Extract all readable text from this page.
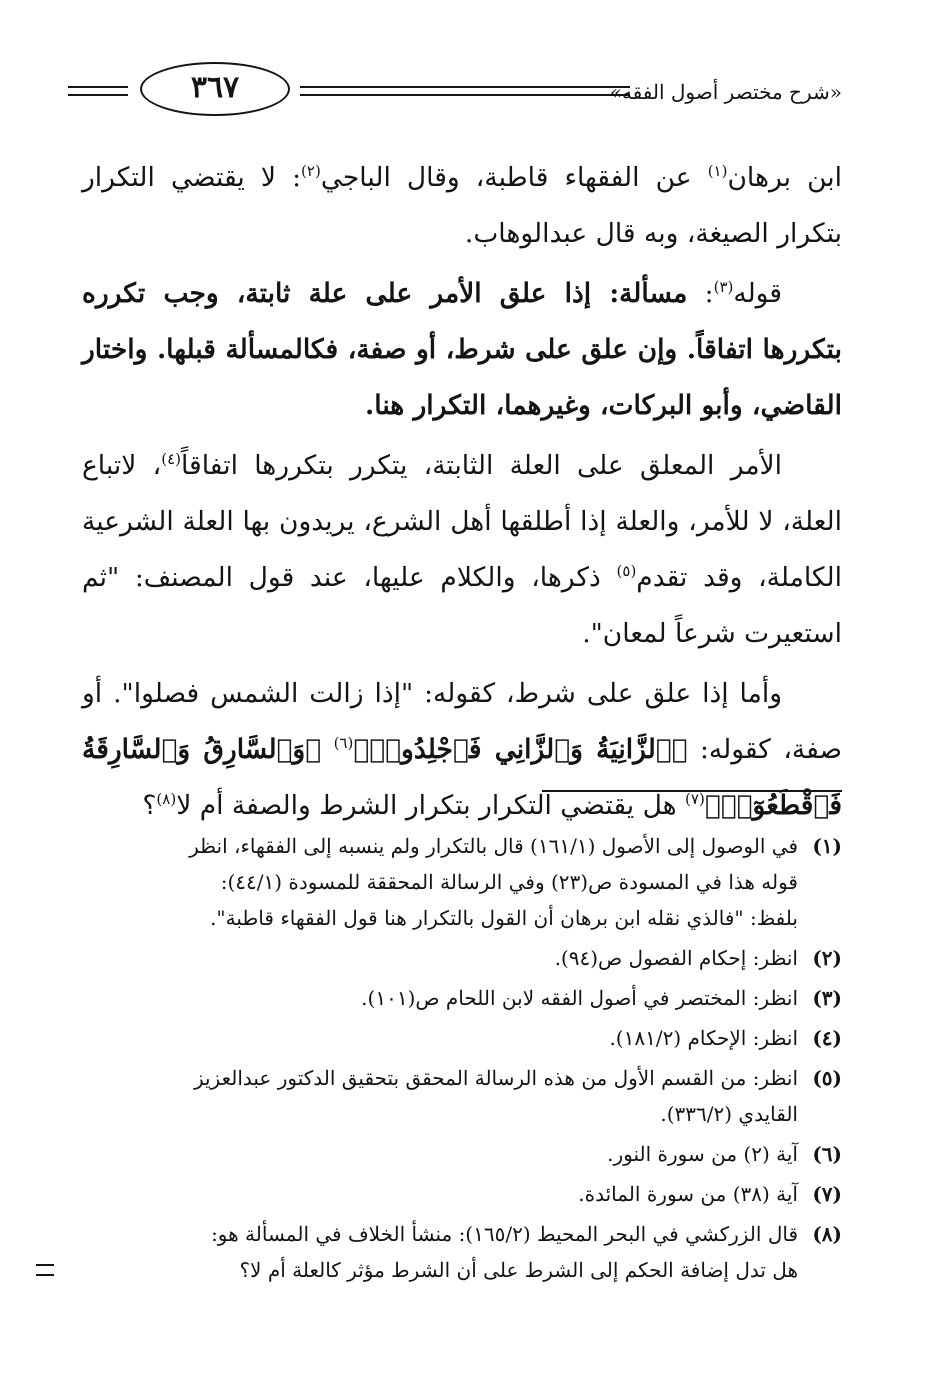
«شرح مختصر أصول الفقه»
٣٦٧

ابن برهان$^{(١)}$ عن الفقهاء قاطبة، وقال الباجي$^{(٢)}$: لا يقتضي التكرار بتكرار الصيغة، وبه قال عبدالوهاب.

قوله$^{(٣)}$: مسألة: إذا علق الأمر على علة ثابتة، وجب تكرره بتكررها اتفاقاً. وإن علق على شرط، أو صفة، فكالمسألة قبلها. واختار القاضي، وأبو البركات، وغيرهما، التكرار هنا.

الأمر المعلق على العلة الثابتة، يتكرر بتكررها اتفاقاً$^{(٤)}$، لاتباع العلة، لا للأمر، والعلة إذا أطلقها أهل الشرع، يريدون بها العلة الشرعية الكاملة، وقد تقدم$^{(٥)}$ ذكرها، والكلام عليها، عند قول المصنف: "ثم استعيرت شرعاً لمعان".

وأما إذا علق على شرط، كقوله: "إذا زالت الشمس فصلوا". أو صفة، كقوله: ﴿ٱلزَّانِيَةُ وَٱلزَّانِي فَٱجْلِدُوا۟﴾$^{(٦)}$ ﴿وَٱلسَّارِقُ وَٱلسَّارِقَةُ فَٱقْطَعُوٓا۟﴾$^{(٧)}$ هل يقتضي التكرار بتكرار الشرط والصفة أم لا$^{(٨)}$؟

(١)
في الوصول إلى الأصول (١٦١/١) قال بالتكرار ولم ينسبه إلى الفقهاء، انظر
قوله هذا في المسودة ص(٢٣) وفي الرسالة المحققة للمسودة (٤٤/١):
بلفظ: "فالذي نقله ابن برهان أن القول بالتكرار هنا قول الفقهاء قاطبة".
(٢)
انظر: إحكام الفصول ص(٩٤).
(٣)
انظر: المختصر في أصول الفقه لابن اللحام ص(١٠١).
(٤)
انظر: الإحكام (١٨١/٢).
(٥)
انظر: من القسم الأول من هذه الرسالة المحقق بتحقيق الدكتور عبدالعزيز
القايدي (٣٣٦/٢).
(٦)
آية (٢) من سورة النور.
(٧)
آية (٣٨) من سورة المائدة.
(٨)
قال الزركشي في البحر المحيط (١٦٥/٢): منشأ الخلاف في المسألة هو:
هل تدل إضافة الحكم إلى الشرط على أن الشرط مؤثر كالعلة أم لا؟
